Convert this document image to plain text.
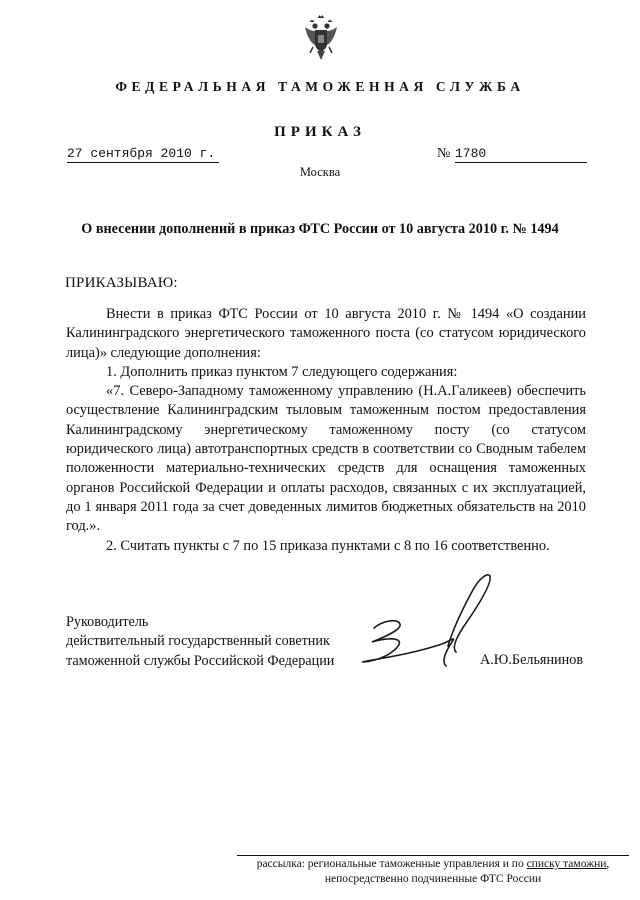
ФЕДЕРАЛЬНАЯ ТАМОЖЕННАЯ СЛУЖБА
ПРИКАЗ
27 сентября 2010 г.	№ 1780
Москва
О внесении дополнений в приказ ФТС России от 10 августа 2010 г. № 1494
ПРИКАЗЫВАЮ:

Внести в приказ ФТС России от 10 августа 2010 г. № 1494 «О создании Калининградского энергетического таможенного поста (со статусом юридического лица)» следующие дополнения:

1. Дополнить приказ пунктом 7 следующего содержания:

«7. Северо-Западному таможенному управлению (Н.А.Галикеев) обеспечить осуществление Калининградским тыловым таможенным постом предоставления Калининградскому энергетическому таможенному посту (со статусом юридического лица) автотранспортных средств в соответствии со Сводным табелем положенности материально-технических средств для оснащения таможенных органов Российской Федерации и оплаты расходов, связанных с их эксплуатацией, до 1 января 2011 года за счет доведенных лимитов бюджетных обязательств на 2010 год.».

2. Считать пункты с 7 по 15 приказа пунктами с 8 по 16 соответственно.

Руководитель
действительный государственный советник
таможенной службы Российской Федерации	А.Ю.Бельянинов
рассылка: региональные таможенные управления и по списку таможни,
непосредственно подчиненные ФТС России
